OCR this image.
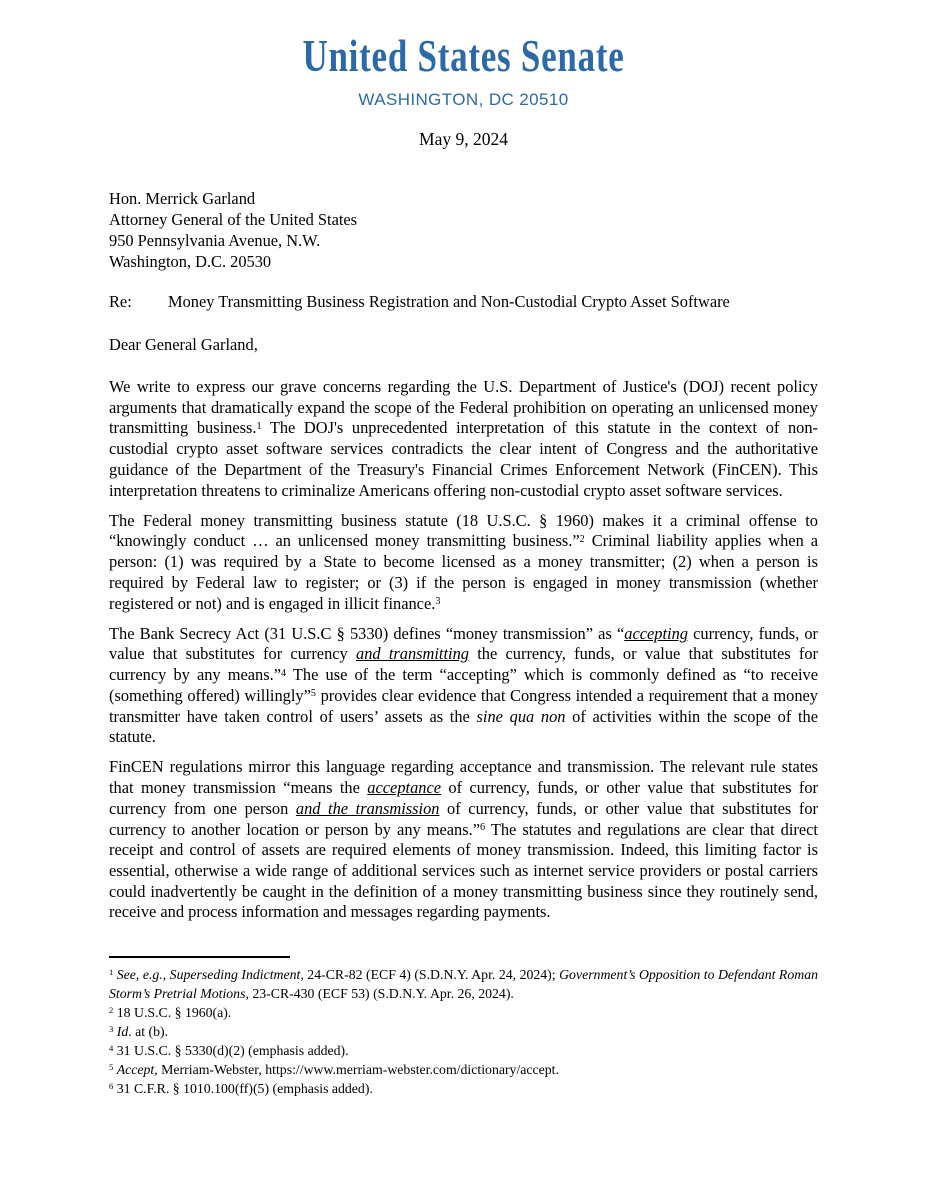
United States Senate
WASHINGTON, DC 20510
May 9, 2024
Hon. Merrick Garland
Attorney General of the United States
950 Pennsylvania Avenue, N.W.
Washington, D.C. 20530
Re: Money Transmitting Business Registration and Non-Custodial Crypto Asset Software
Dear General Garland,

We write to express our grave concerns regarding the U.S. Department of Justice's (DOJ) recent policy arguments that dramatically expand the scope of the Federal prohibition on operating an unlicensed money transmitting business.$^1$ The DOJ's unprecedented interpretation of this statute in the context of non-custodial crypto asset software services contradicts the clear intent of Congress and the authoritative guidance of the Department of the Treasury's Financial Crimes Enforcement Network (FinCEN). This interpretation threatens to criminalize Americans offering non-custodial crypto asset software services.

The Federal money transmitting business statute (18 U.S.C. § 1960) makes it a criminal offense to “knowingly conduct … an unlicensed money transmitting business.”$^2$ Criminal liability applies when a person: (1) was required by a State to become licensed as a money transmitter; (2) when a person is required by Federal law to register; or (3) if the person is engaged in money transmission (whether registered or not) and is engaged in illicit finance.$^3$

The Bank Secrecy Act (31 U.S.C § 5330) defines “money transmission” as “accepting currency, funds, or value that substitutes for currency and transmitting the currency, funds, or value that substitutes for currency by any means.”$^4$ The use of the term “accepting” which is commonly defined as “to receive (something offered) willingly”$^5$ provides clear evidence that Congress intended a requirement that a money transmitter have taken control of users’ assets as the sine qua non of activities within the scope of the statute.

FinCEN regulations mirror this language regarding acceptance and transmission. The relevant rule states that money transmission “means the acceptance of currency, funds, or other value that substitutes for currency from one person and the transmission of currency, funds, or other value that substitutes for currency to another location or person by any means.”$^6$ The statutes and regulations are clear that direct receipt and control of assets are required elements of money transmission. Indeed, this limiting factor is essential, otherwise a wide range of additional services such as internet service providers or postal carriers could inadvertently be caught in the definition of a money transmitting business since they routinely send, receive and process information and messages regarding payments.

$^1$ See, e.g., Superseding Indictment, 24-CR-82 (ECF 4) (S.D.N.Y. Apr. 24, 2024); Government’s Opposition to Defendant Roman Storm’s Pretrial Motions, 23-CR-430 (ECF 53) (S.D.N.Y. Apr. 26, 2024).
$^2$ 18 U.S.C. § 1960(a).
$^3$ Id. at (b).
$^4$ 31 U.S.C. § 5330(d)(2) (emphasis added).
$^5$ Accept, Merriam-Webster, https://www.merriam-webster.com/dictionary/accept.
$^6$ 31 C.F.R. § 1010.100(ff)(5) (emphasis added).
